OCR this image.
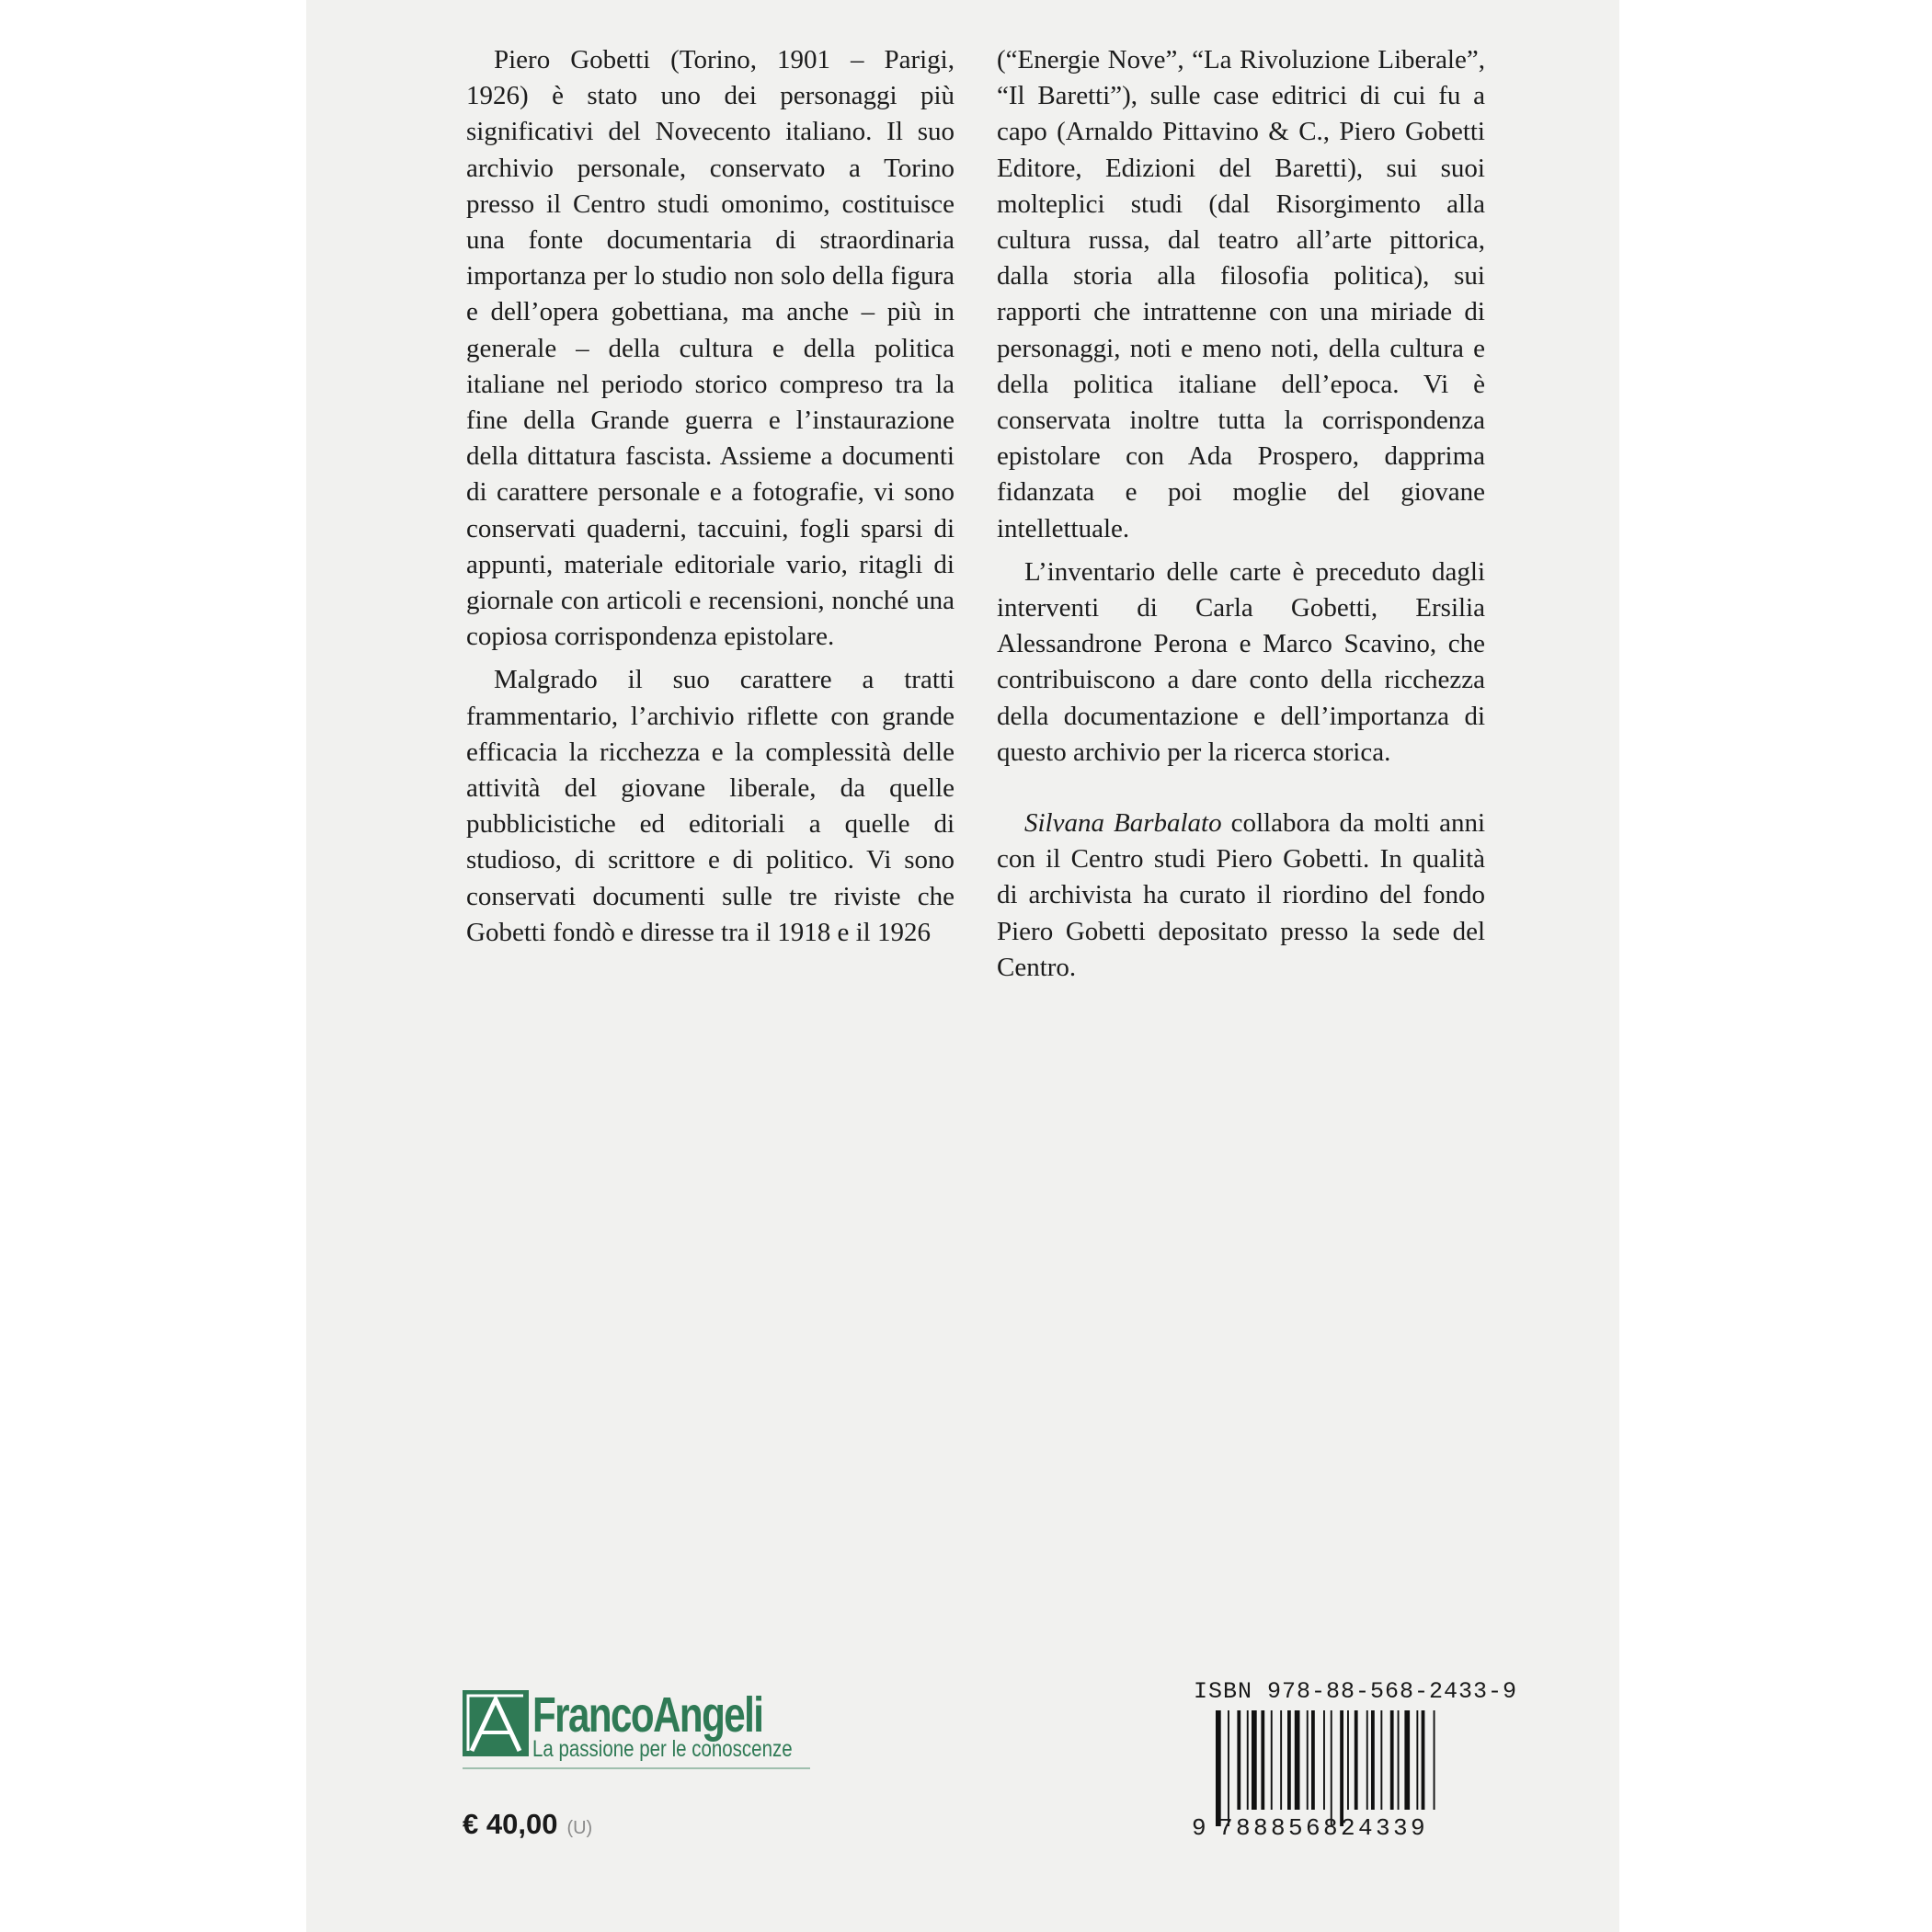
Piero Gobetti (Torino, 1901 – Parigi, 1926) è stato uno dei personaggi più significativi del Novecento italiano. Il suo archivio personale, conservato a Torino presso il Centro studi omonimo, costituisce una fonte documentaria di straordinaria importanza per lo studio non solo della figura e dell’opera gobettiana, ma anche – più in generale – della cultura e della politica italiane nel periodo storico compreso tra la fine della Grande guerra e l’instaurazione della dittatura fascista. Assieme a documenti di carattere personale e a fotografie, vi sono conservati quaderni, taccuini, fogli sparsi di appunti, materiale editoriale vario, ritagli di giornale con articoli e recensioni, nonché una copiosa corrispondenza epistolare.

Malgrado il suo carattere a tratti frammentario, l’archivio riflette con grande efficacia la ricchezza e la complessità delle attività del giovane liberale, da quelle pubblicistiche ed editoriali a quelle di studioso, di scrittore e di politico. Vi sono conservati documenti sulle tre riviste che Gobetti fondò e diresse tra il 1918 e il 1926

(“Energie Nove”, “La Rivoluzione Liberale”, “Il Baretti”), sulle case editrici di cui fu a capo (Arnaldo Pittavino & C., Piero Gobetti Editore, Edizioni del Baretti), sui suoi molteplici studi (dal Risorgimento alla cultura russa, dal teatro all’arte pittorica, dalla storia alla filosofia politica), sui rapporti che intrattenne con una miriade di personaggi, noti e meno noti, della cultura e della politica italiane dell’epoca. Vi è conservata inoltre tutta la corrispondenza epistolare con Ada Prospero, dapprima fidanzata e poi moglie del giovane intellettuale.

L’inventario delle carte è preceduto dagli interventi di Carla Gobetti, Ersilia Alessandrone Perona e Marco Scavino, che contribuiscono a dare conto della ricchezza della documentazione e dell’importanza di questo archivio per la ricerca storica.

Silvana Barbalato collabora da molti anni con il Centro studi Piero Gobetti. In qualità di archivista ha curato il riordino del fondo Piero Gobetti depositato presso la sede del Centro.

FrancoAngeli
La passione per le conoscenze
€ 40,00 (U)
ISBN 978-88-568-2433-9
9 788856824339
